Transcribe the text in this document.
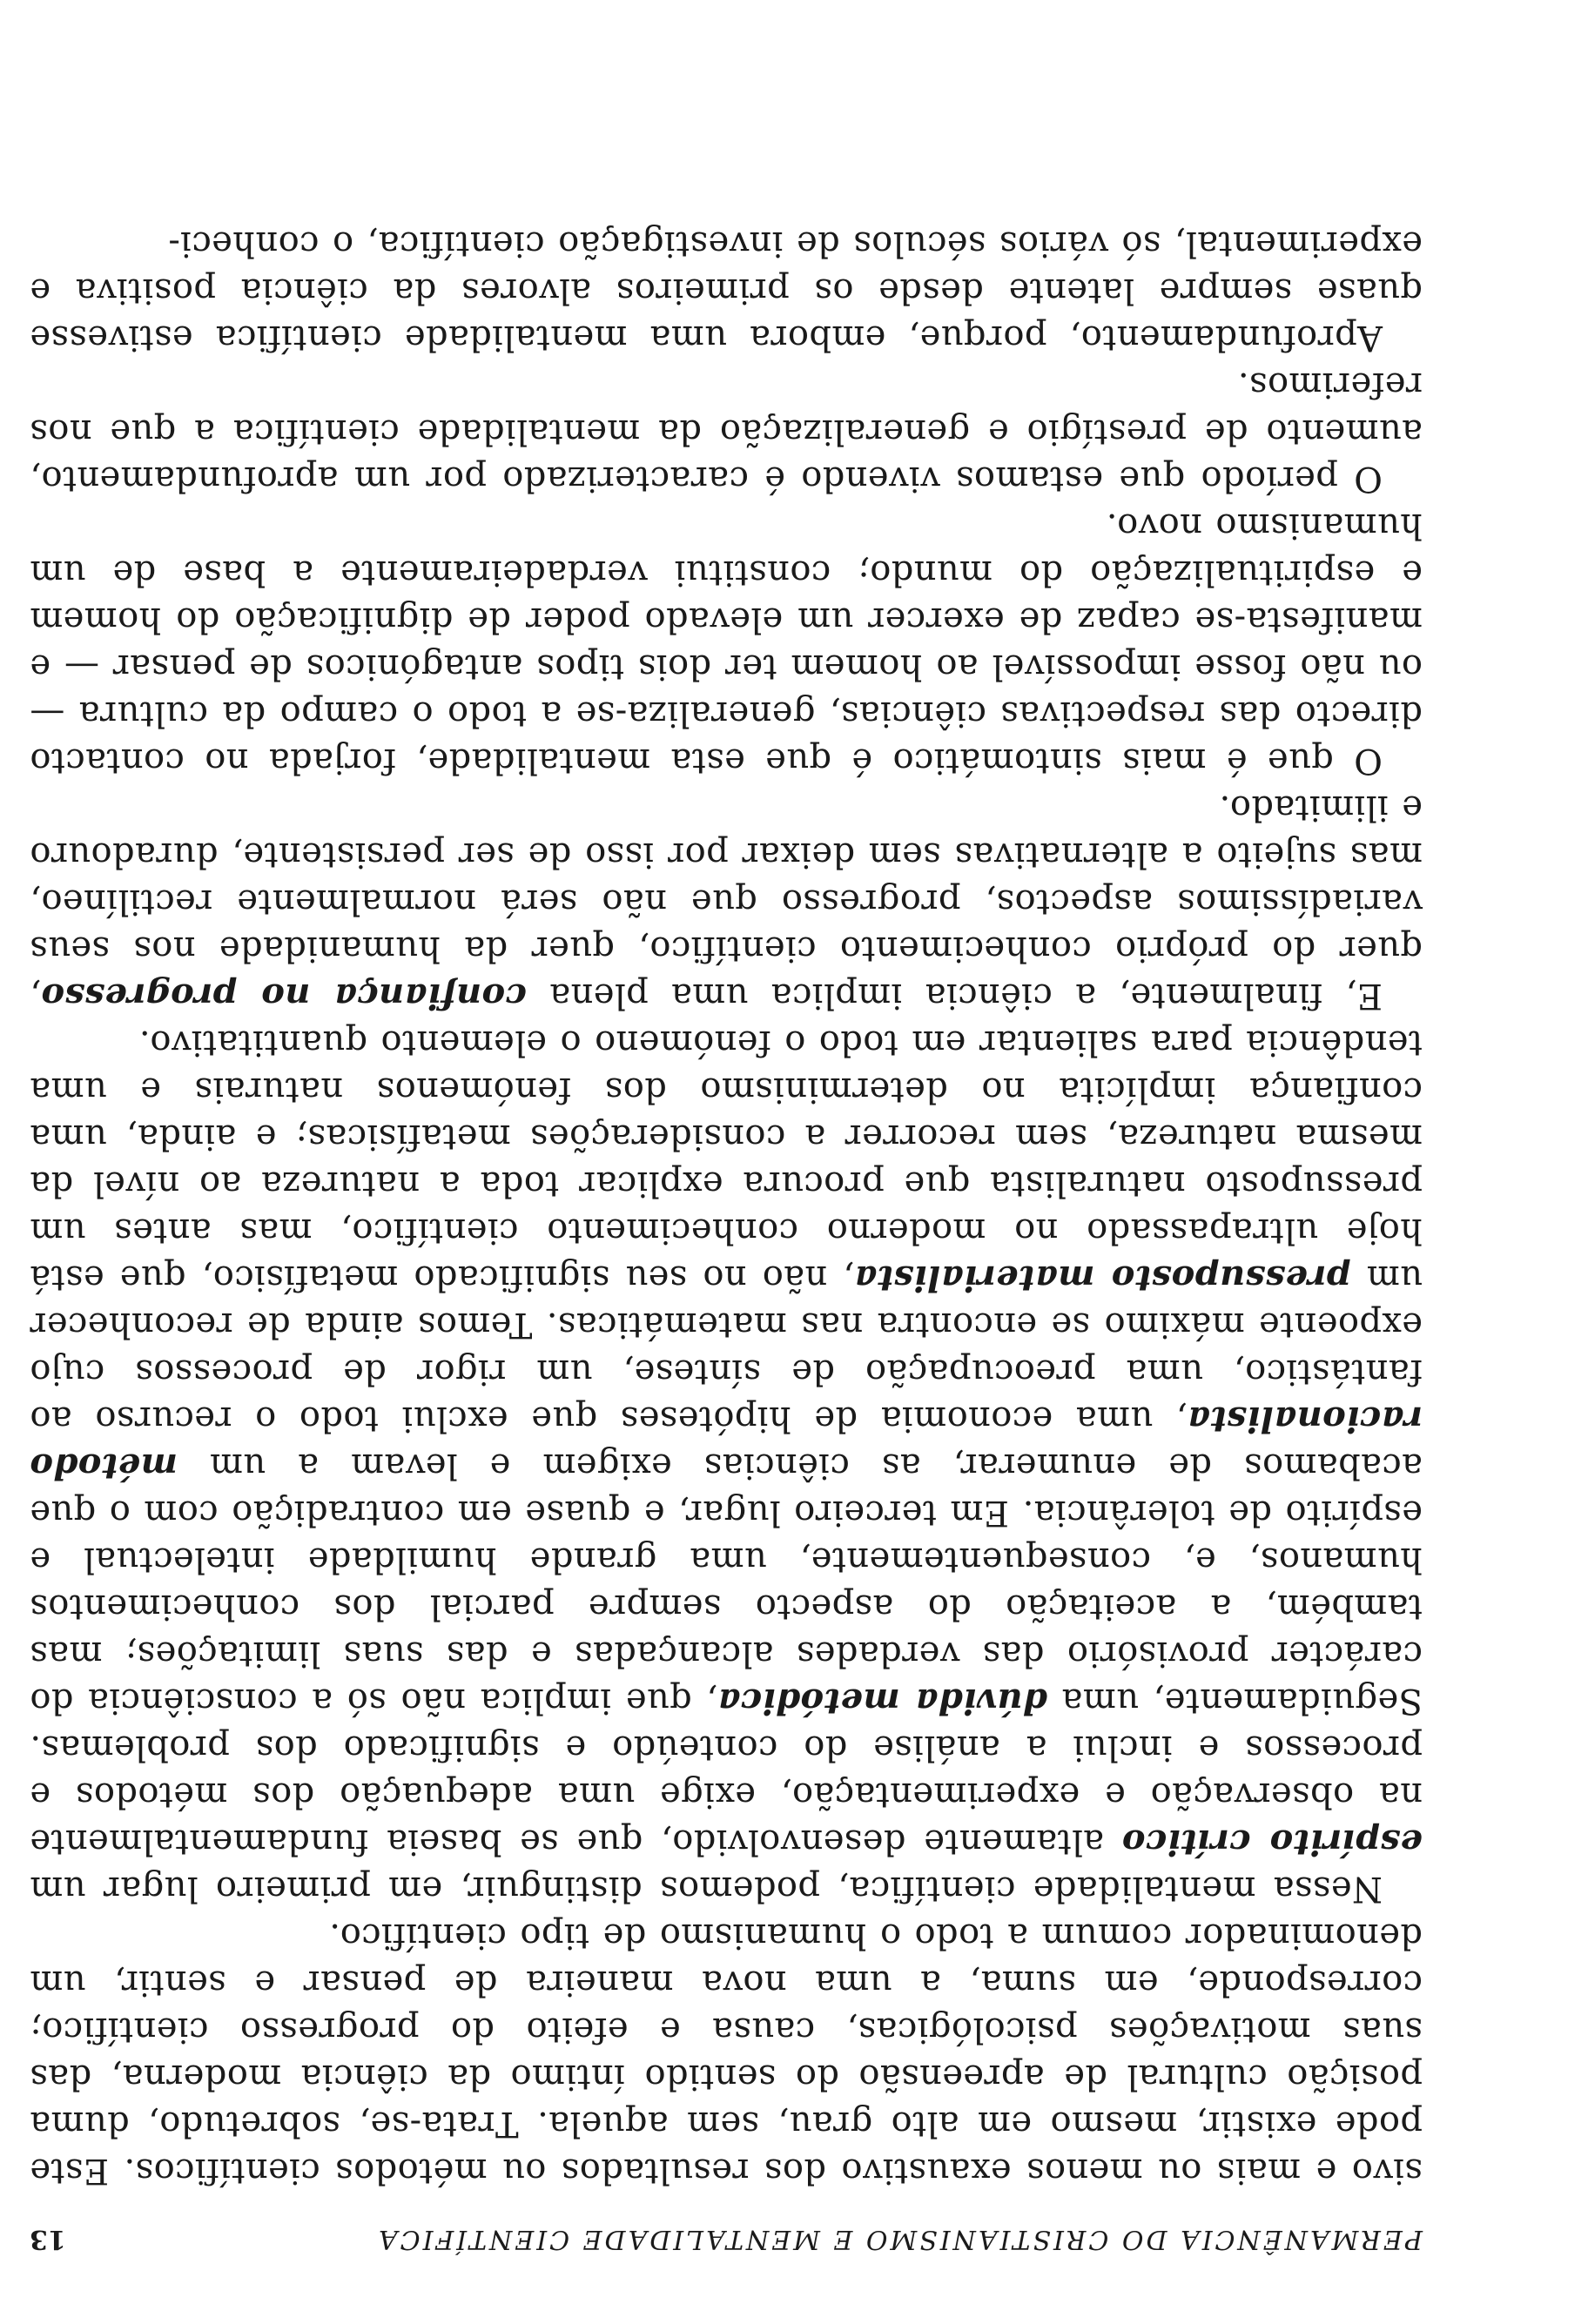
PERMANÊNCIA DO CRISTIANISMO E MENTALIDADE CIENTÍFICA
13

sivo e mais ou menos exaustivo dos resultados ou métodos científicos. Este pode existir, mesmo em alto grau, sem aquela. Trata-se, sobretudo, duma posição cultural de apreensão do sentido íntimo da ciência moderna, das suas motivações psicológicas, causa e efeito do progresso científico; corresponde, em suma, a uma nova maneira de pensar e sentir, um denominador comum a todo o humanismo de tipo científico.

Nessa mentalidade científica, podemos distinguir, em primeiro lugar um espírito crítico altamente desenvolvido, que se baseia fundamentalmente na observação e experimentação, exige uma adequação dos métodos e processos e inclui a análise do conteúdo e significado dos problemas. Seguidamente, uma dúvida metódica, que implica não só a consciência do carácter provisório das verdades alcançadas e das suas limitações; mas também, a aceitação do aspecto sempre parcial dos conhecimentos humanos, e, consequentemente, uma grande humildade intelectual e espírito de tolerância. Em terceiro lugar, e quase em contradição com o que acabamos de enumerar, as ciências exigem e levam a um método racionalista, uma economia de hipóteses que exclui todo o recurso ao fantástico, uma preocupação de síntese, um rigor de processos cujo expoente máximo se encontra nas matemáticas. Temos ainda de reconhecer um pressuposto materialista, não no seu significado metafísico, que está hoje ultrapassado no moderno conhecimento científico, mas antes um pressuposto naturalista que procura explicar toda a natureza ao nível da mesma natureza, sem recorrer a considerações metafísicas; e ainda, uma confiança implícita no determinismo dos fenómenos naturais e uma tendência para salientar em todo o fenómeno o elemento quantitativo.

E, finalmente, a ciência implica uma plena confiança no progresso, quer do próprio conhecimento científico, quer da humanidade nos seus variadíssimos aspectos, progresso que não será normalmente rectilíneo, mas sujeito a alternativas sem deixar por isso de ser persistente, duradouro e ilimitado.

O que é mais sintomático é que esta mentalidade, forjada no contacto directo das respectivas ciências, generaliza-se a todo o campo da cultura — ou não fosse impossível ao homem ter dois tipos antagónicos de pensar — e manifesta-se capaz de exercer um elevado poder de dignificação do homem e espiritualização do mundo; constitui verdadeiramente a base de um humanismo novo.

O período que estamos vivendo é caracterizado por um aprofundamento, aumento de prestígio e generalização da mentalidade científica a que nos referimos.

Aprofundamento, porque, embora uma mentalidade científica estivesse quase sempre latente desde os primeiros alvores da ciência positiva e experimental, só vários séculos de investigação científica, o conheci-
